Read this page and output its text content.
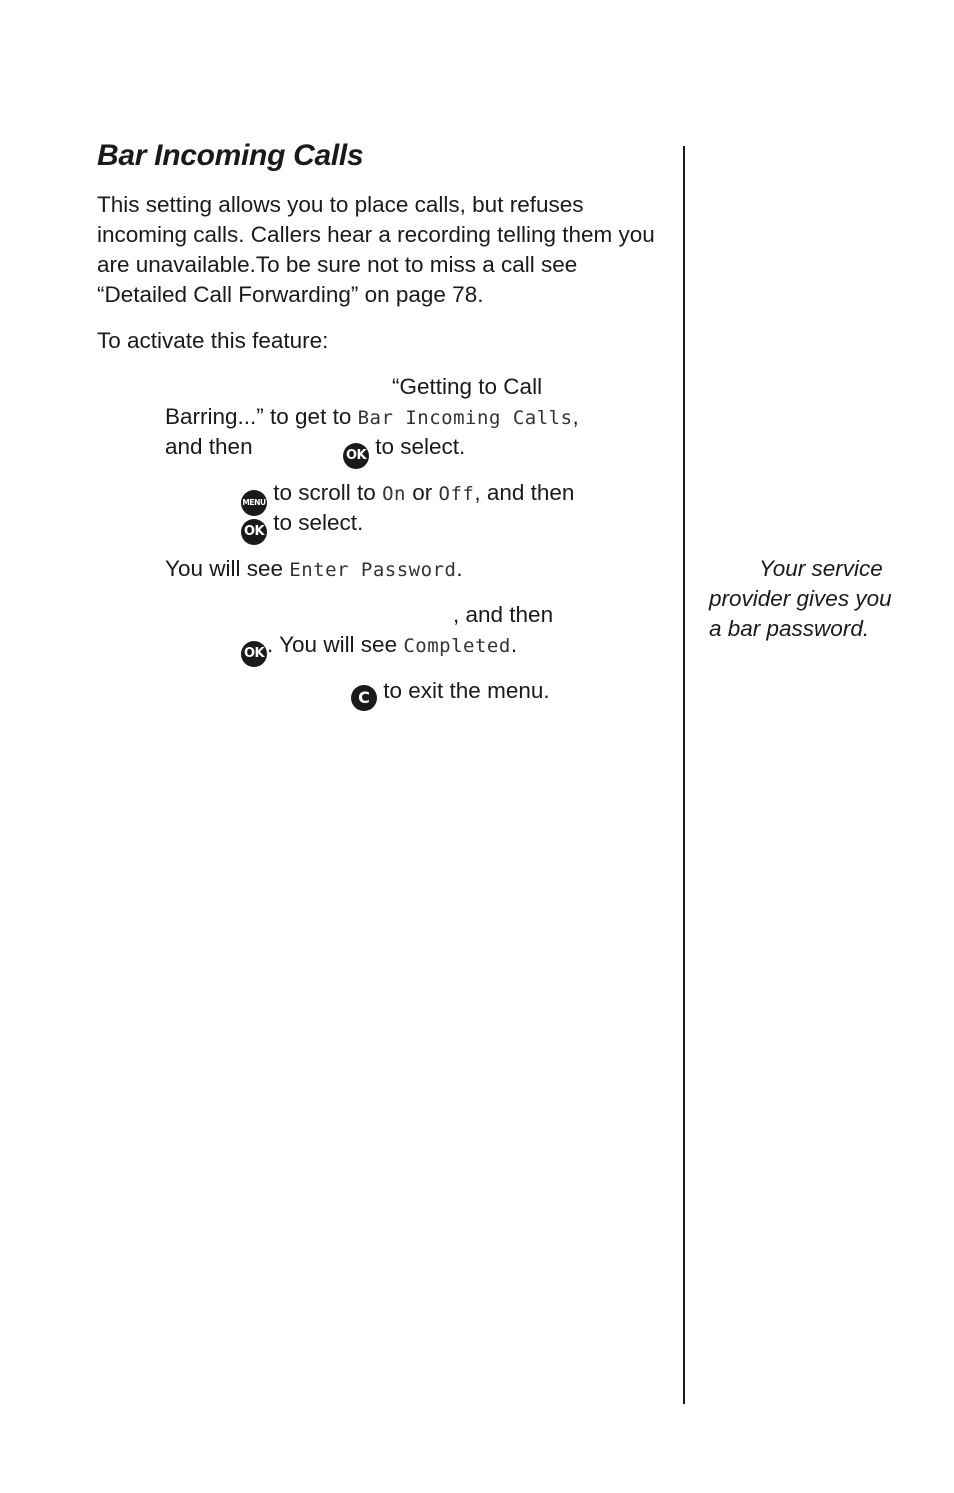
Bar Incoming Calls

This setting allows you to place calls, but refuses incoming calls. Callers hear a recording telling them you are unavailable.To be sure not to miss a call see “Detailed Call Forwarding” on page 78.

To activate this feature:

“Getting to Call
Barring...” to get to Bar Incoming Calls,
and then	OK to select.
MENU to scroll to On or Off, and then
OK to select.
You will see Enter Password.
, and then
OK . You will see Completed.
C to exit the menu.

Your service provider gives you a bar password.
